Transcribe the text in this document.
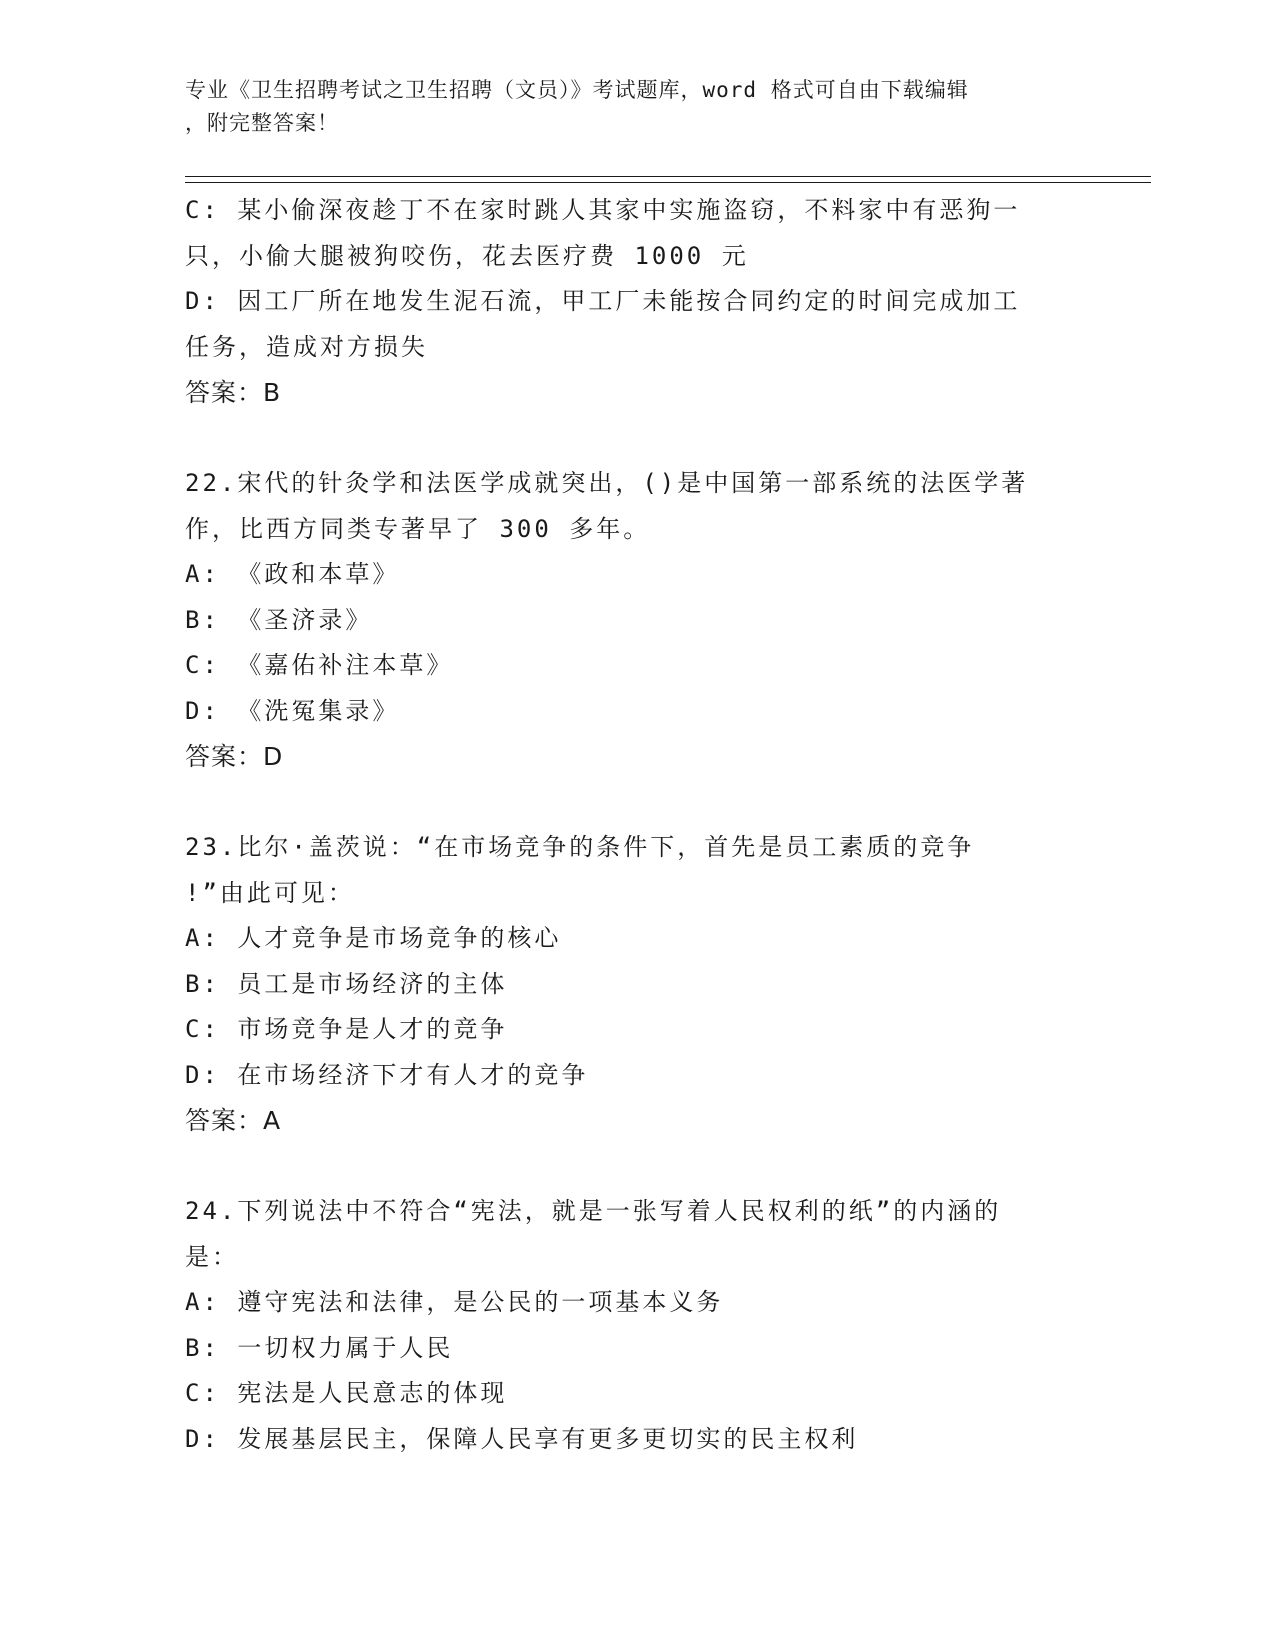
专业《卫生招聘考试之卫生招聘（文员）》考试题库，word 格式可自由下载编辑
，附完整答案！
C: 某小偷深夜趁丁不在家时跳人其家中实施盗窃，不料家中有恶狗一
只，小偷大腿被狗咬伤，花去医疗费 1000 元
D: 因工厂所在地发生泥石流，甲工厂未能按合同约定的时间完成加工
任务，造成对方损失
答案：B
22.宋代的针灸学和法医学成就突出，()是中国第一部系统的法医学著
作，比西方同类专著早了 300 多年。
A: 《政和本草》
B: 《圣济录》
C: 《嘉佑补注本草》
D: 《洗冤集录》
答案：D
23.比尔·盖茨说：“在市场竞争的条件下，首先是员工素质的竞争
!”由此可见：
A: 人才竞争是市场竞争的核心
B: 员工是市场经济的主体
C: 市场竞争是人才的竞争
D: 在市场经济下才有人才的竞争
答案：A
24.下列说法中不符合“宪法，就是一张写着人民权利的纸”的内涵的
是：
A: 遵守宪法和法律，是公民的一项基本义务
B: 一切权力属于人民
C: 宪法是人民意志的体现
D: 发展基层民主，保障人民享有更多更切实的民主权利
